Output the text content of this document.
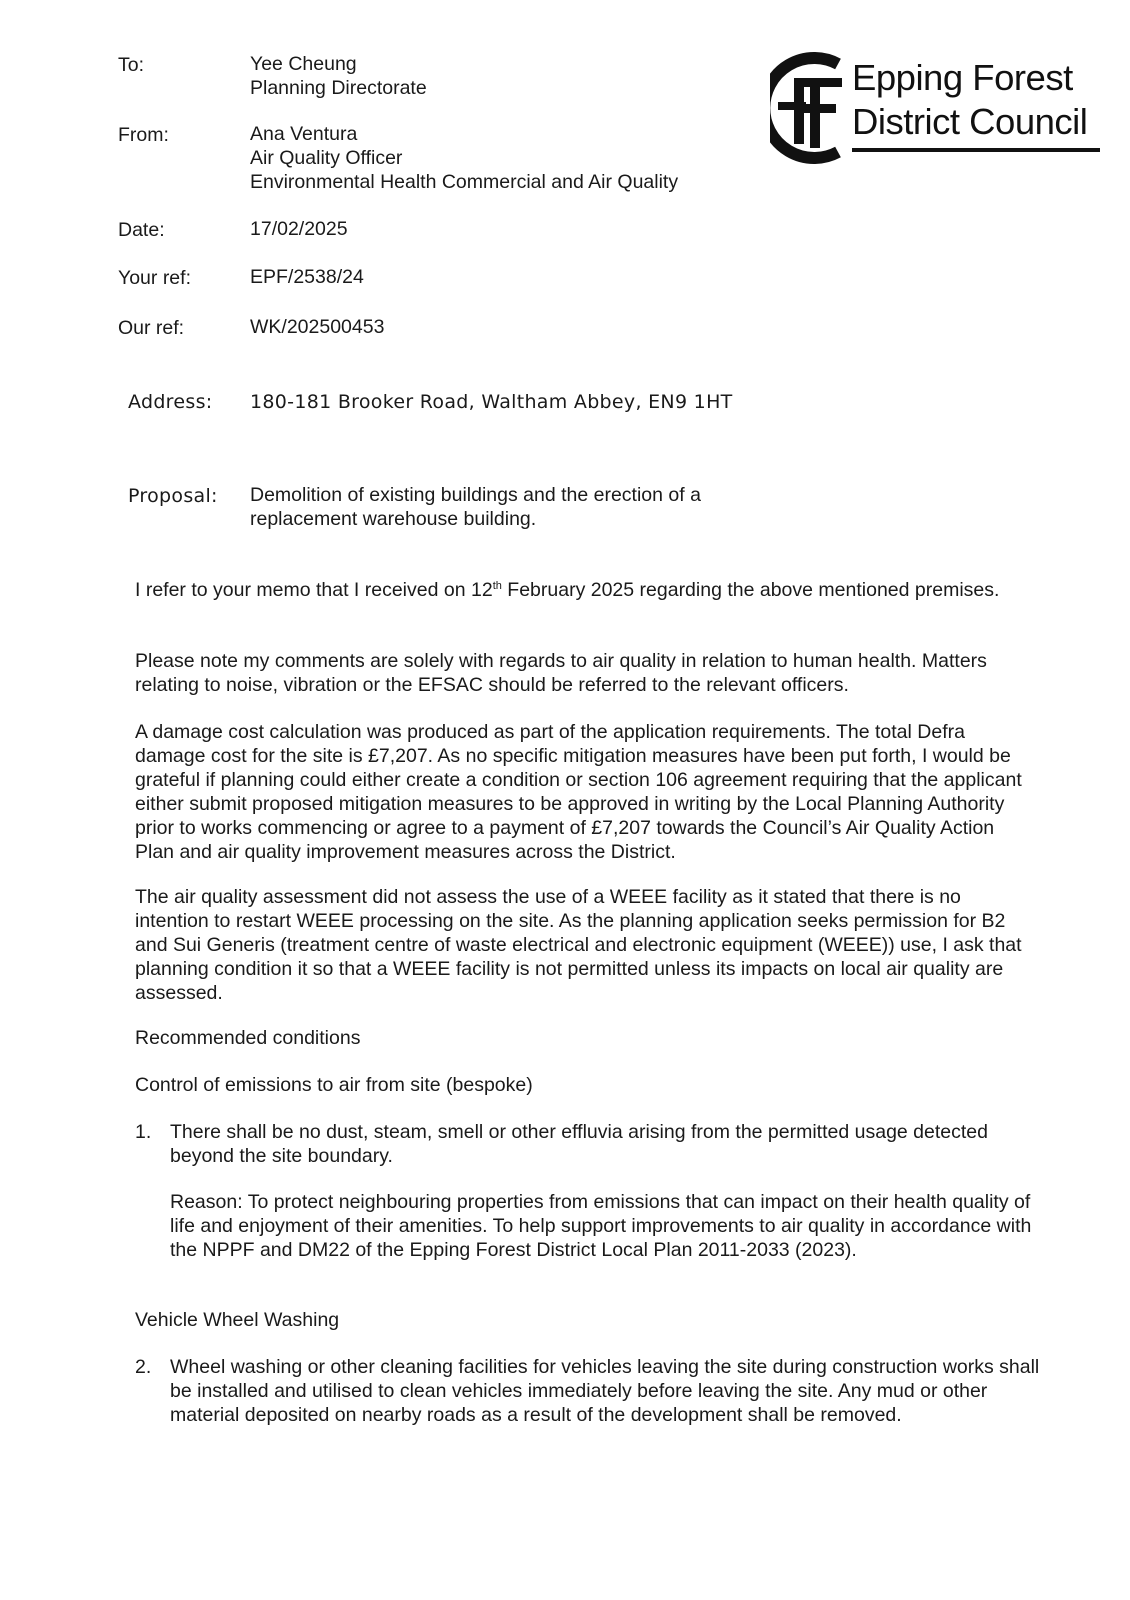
Epping Forest
District Council
To:	Yee Cheung
Planning Directorate
From:	Ana Ventura
Air Quality Officer
Environmental Health Commercial and Air Quality
Date:	17/02/2025
Your ref:	EPF/2538/24
Our ref:	WK/202500453
Address: 180-181 Brooker Road, Waltham Abbey, EN9 1HT
Proposal: Demolition of existing buildings and the erection of a
replacement warehouse building.

I refer to your memo that I received on 12th February 2025 regarding the above mentioned premises.

Please note my comments are solely with regards to air quality in relation to human health. Matters relating to noise, vibration or the EFSAC should be referred to the relevant officers.

A damage cost calculation was produced as part of the application requirements. The total Defra damage cost for the site is £7,207. As no specific mitigation measures have been put forth, I would be grateful if planning could either create a condition or section 106 agreement requiring that the applicant either submit proposed mitigation measures to be approved in writing by the Local Planning Authority prior to works commencing or agree to a payment of £7,207 towards the Council’s Air Quality Action Plan and air quality improvement measures across the District.

The air quality assessment did not assess the use of a WEEE facility as it stated that there is no intention to restart WEEE processing on the site. As the planning application seeks permission for B2 and Sui Generis (treatment centre of waste electrical and electronic equipment (WEEE)) use, I ask that planning condition it so that a WEEE facility is not permitted unless its impacts on local air quality are assessed.

Recommended conditions

Control of emissions to air from site (bespoke)

1. There shall be no dust, steam, smell or other effluvia arising from the permitted usage detected beyond the site boundary.
Reason: To protect neighbouring properties from emissions that can impact on their health quality of life and enjoyment of their amenities. To help support improvements to air quality in accordance with the NPPF and DM22 of the Epping Forest District Local Plan 2011-2033 (2023).

Vehicle Wheel Washing

2. Wheel washing or other cleaning facilities for vehicles leaving the site during construction works shall be installed and utilised to clean vehicles immediately before leaving the site. Any mud or other material deposited on nearby roads as a result of the development shall be removed.
